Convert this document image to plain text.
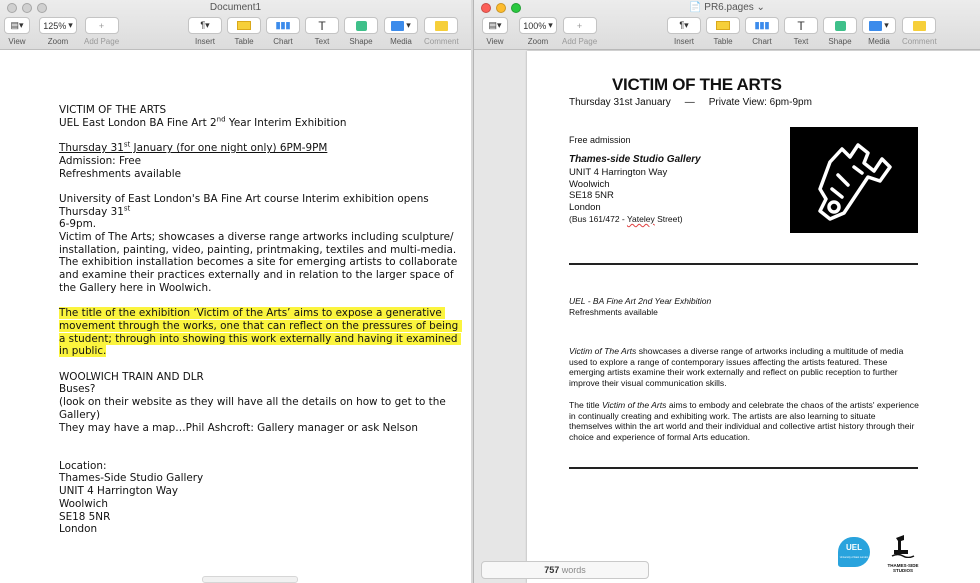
Document1
▤▾
View
125% ▾
Zoom
+
Add Page
¶▾
Insert Table
▮▮▮
Chart
T
Text	Shape
▾
Media Comment

VICTIM OF THE ARTS

UEL East London BA Fine Art 2nd Year Interim Exhibition

Thursday 31st January (for one night only) 6PM-9PM

Admission: Free

Refreshments available

University of East London's BA Fine Art course Interim exhibition opens Thursday 31st

6-9pm.

Victim of The Arts; showcases a diverse range artworks including sculpture/ installation, painting, video, painting, printmaking, textiles and multi-media. The exhibition installation becomes a site for emerging artists to collaborate and examine their practices externally and in relation to the larger space of the Gallery here in Woolwich.

The title of the exhibition ‘Victim of the Arts’ aims to expose a generative movement through the works, one that can reflect on the pressures of being a student; through into showing this work externally and having it examined in public.

WOOLWICH TRAIN AND DLR

Buses?

(look on their website as they will have all the details on how to get to the Gallery)

They may have a map…Phil Ashcroft: Gallery manager or ask Nelson

Location:

Thames-Side Studio Gallery

UNIT 4 Harrington Way

Woolwich

SE18 5NR

London

📄 PR6.pages ⌄
▤▾
View
100% ▾
Zoom
+
Add Page
¶▾
Insert Table
▮▮▮
Chart
T
Text	Shape
▾
Media Comment
VICTIM OF THE ARTS
Thursday 31st January — Private View: 6pm-9pm
Free admission
Thames-side Studio Gallery
UNIT 4 Harrington Way
Woolwich
SE18 5NR
London
(Bus 161/472 - Yateley Street)
UEL - BA Fine Art 2nd Year Exhibition
Refreshments available
Victim of The Arts showcases a diverse range of artworks including a multitude of media used to explore a range of contemporary issues affecting the artists featured. These emerging artists examine their work externally and reflect on public reception to further improve their visual communication skills.
The title Victim of the Arts aims to embody and celebrate the chaos of the artists' experience in continually creating and exhibiting work. The artists are also learning to situate themselves within the art world and their individual and collective artist history through their choice and experience of formal Arts education.
UEL
University of East London
THAMES-SIDE STUDIOS
757 words
